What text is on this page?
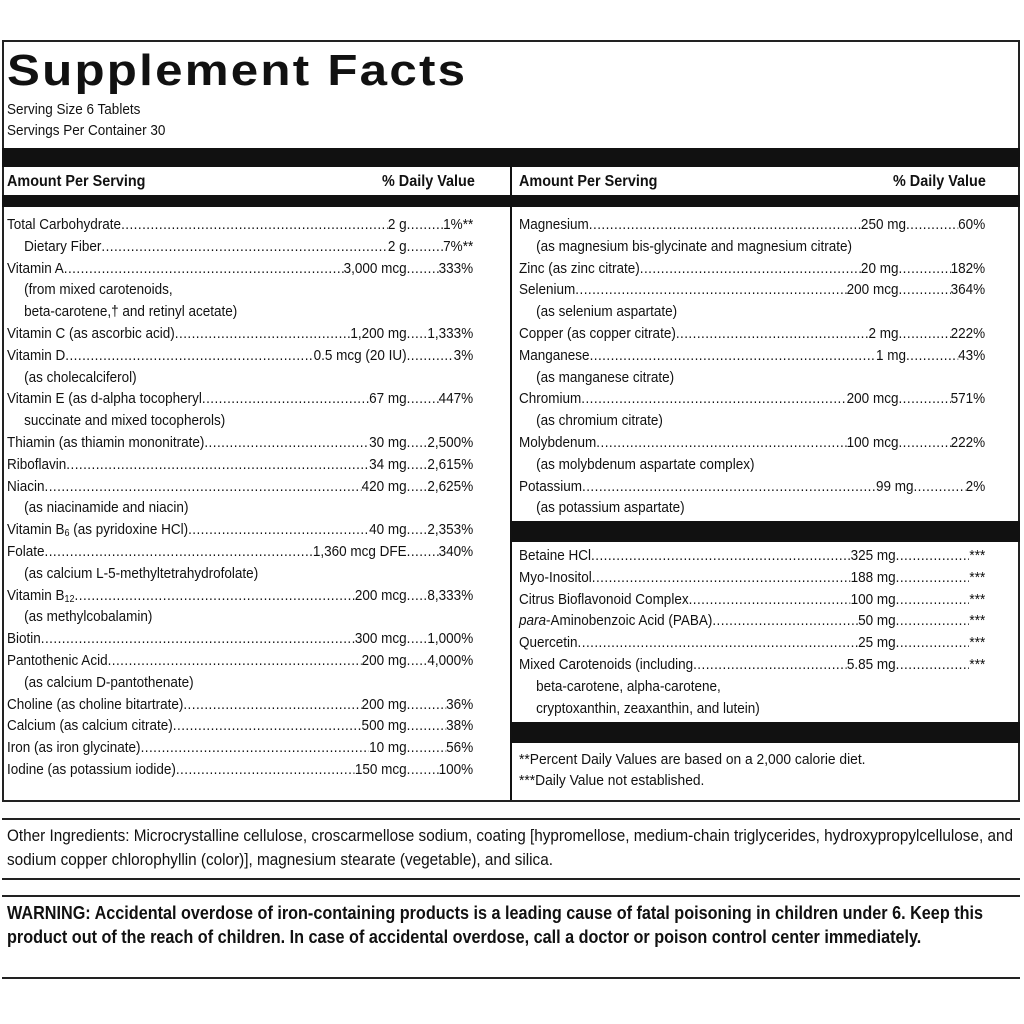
Supplement Facts
Serving Size 6 Tablets
Servings Per Container 30
Amount Per Serving	% Daily Value	Amount Per Serving	% Daily Value
Total Carbohydrate .....	2 g ..... 1%**
Dietary Fiber .....	2 g ..... 7%**
Vitamin A .....	3,000 mcg ..... 333%
(from mixed carotenoids,
beta-carotene,† and retinyl acetate)
Vitamin C (as ascorbic acid) .....	1,200 mg ..... 1,333%
Vitamin D .....	0.5 mcg (20 IU) .....	3%
(as cholecalciferol)
Vitamin E (as d-alpha tocopheryl .....	67 mg ..... 447%
succinate and mixed tocopherols)
Thiamin (as thiamin mononitrate) .....	30 mg ..... 2,500%
Riboflavin .....	34 mg ..... 2,615%
Niacin .....	420 mg ..... 2,625%
(as niacinamide and niacin)
Vitamin $B_6$ (as pyridoxine HCl) .....	40 mg ..... 2,353%
Folate .....	1,360 mcg DFE ..... 340%
(as calcium L-5-methyltetrahydrofolate)
Vitamin $B_{12}$ .....	200 mcg ..... 8,333%
(as methylcobalamin)
Biotin .....	300 mcg ..... 1,000%
Pantothenic Acid .....	200 mg ..... 4,000%
(as calcium D-pantothenate)
Choline (as choline bitartrate) .....	200 mg .....	36%
Calcium (as calcium citrate) .....	500 mg .....	38%
Iron (as iron glycinate) .....	10 mg .....	56%
Iodine (as potassium iodide) .....	150 mcg ..... 100%
Magnesium .....	250 mg .....	60%
(as magnesium bis-glycinate and magnesium citrate)
Zinc (as zinc citrate) .....	20 mg .....	182%
Selenium .....	200 mcg .....	364%
(as selenium aspartate)
Copper (as copper citrate) .....	2 mg .....	222%
Manganese .....	1 mg .....	43%
(as manganese citrate)
Chromium .....	200 mcg .....	571%
(as chromium citrate)
Molybdenum .....	100 mcg .....	222%
(as molybdenum aspartate complex)
Potassium .....	99 mg .....	2%
(as potassium aspartate)
Betaine HCl .....	325 mg .....	***
Myo-Inositol .....	188 mg .....	***
Citrus Bioflavonoid Complex .....	100 mg .....	***
para-Aminobenzoic Acid (PABA) .....	50 mg .....	***
Quercetin .....	25 mg .....	***
Mixed Carotenoids (including .....	5.85 mg .....	***
beta-carotene, alpha-carotene,
cryptoxanthin, zeaxanthin, and lutein)
**Percent Daily Values are based on a 2,000 calorie diet.
***Daily Value not established.
Other Ingredients: Microcrystalline cellulose, croscarmellose sodium, coating [hypromellose, medium-chain triglycerides, hydroxypropylcellulose, and sodium copper chlorophyllin (color)], magnesium stearate (vegetable), and silica.
WARNING: Accidental overdose of iron-containing products is a leading cause of fatal poisoning in children under 6. Keep this product out of the reach of children. In case of accidental overdose, call a doctor or poison control center immediately.
